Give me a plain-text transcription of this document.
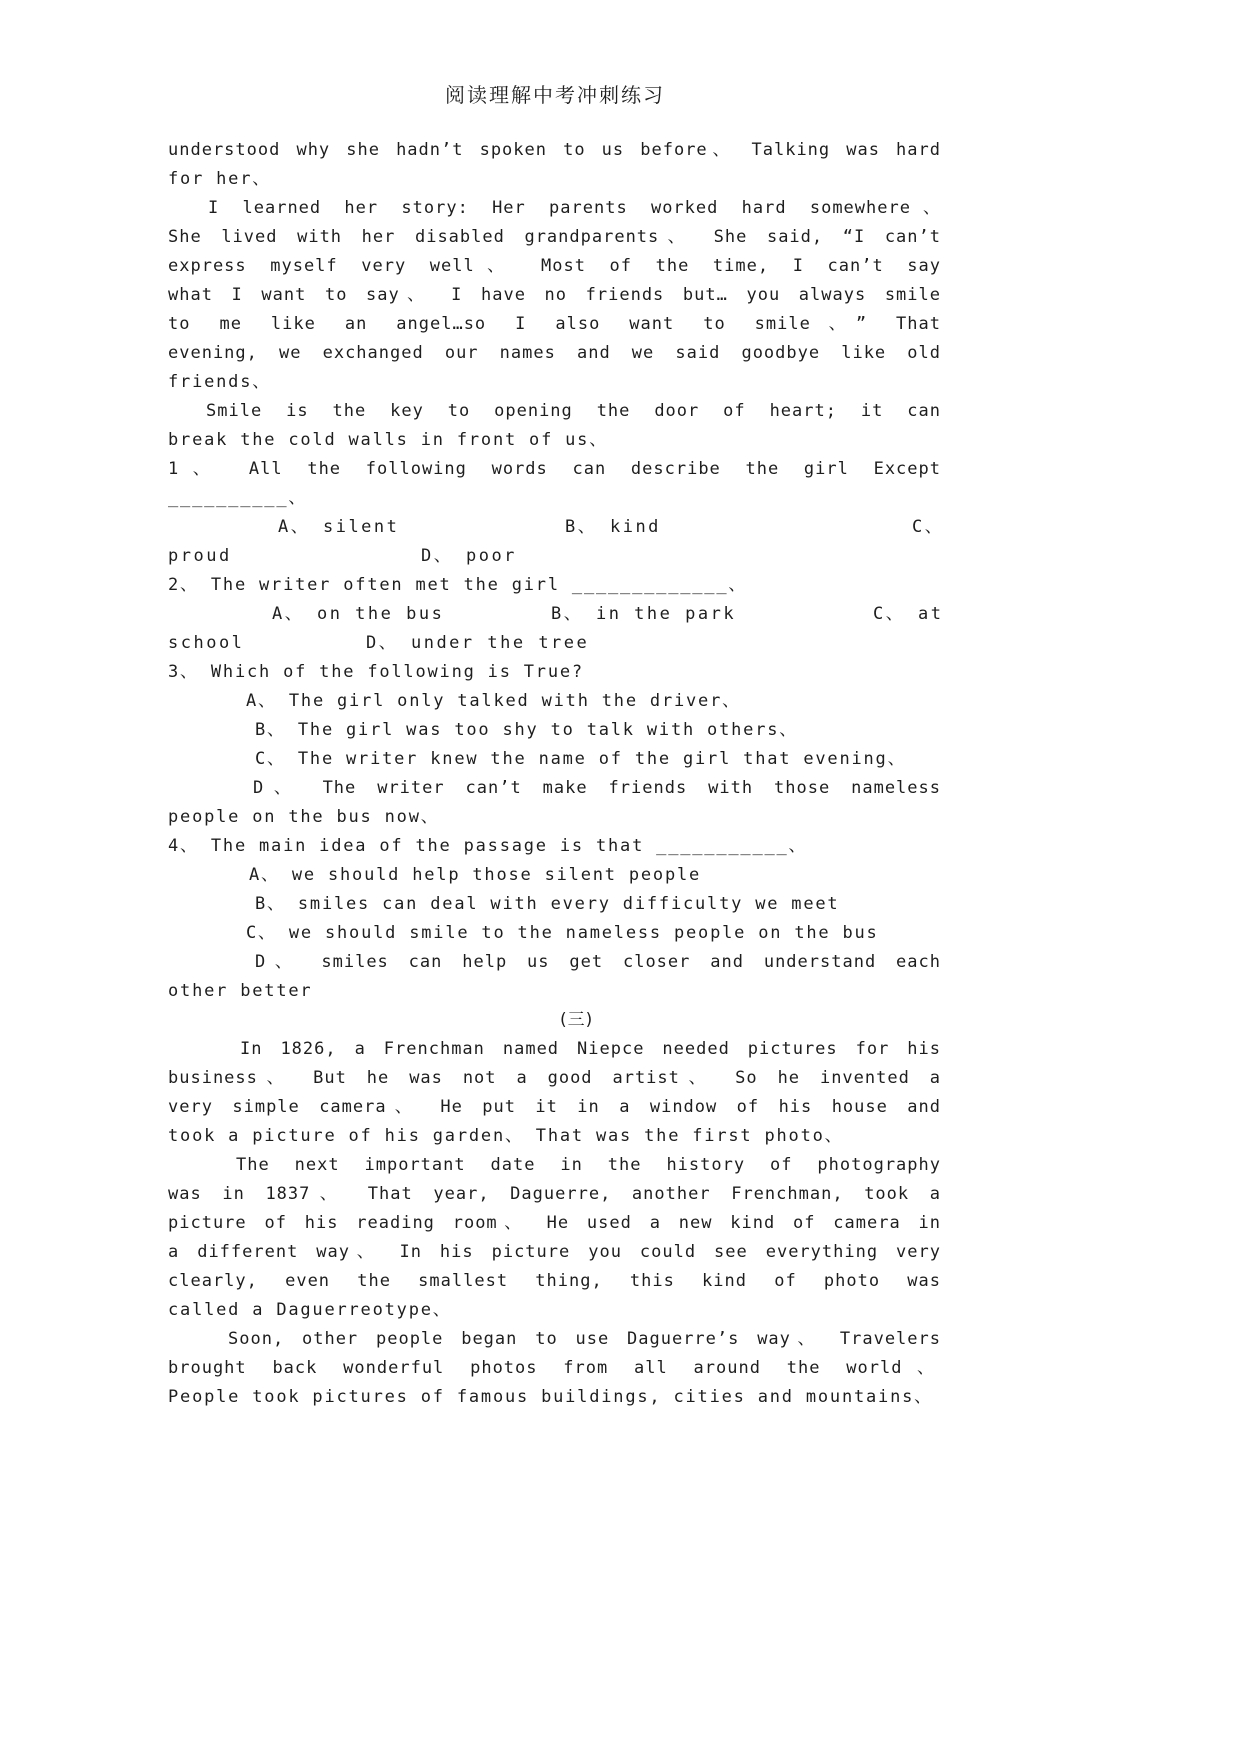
阅读理解中考冲刺练习
understood why she hadn’t spoken to us before、 Talking was hard
for her、
I learned her story: Her parents worked hard somewhere、
She lived with her disabled grandparents、 She said, “I can’t
express myself very well、 Most of the time, I can’t say
what I want to say、 I have no friends but… you always smile
to me like an angel…so I also want to smile、” That
evening, we exchanged our names and we said goodbye like old
friends、
Smile is the key to opening the door of heart; it can
break the cold walls in front of us、
1、 All the following words can describe the girl Except
__________、
A、 silent	B、 kind	C、
proud	D、 poor
2、 The writer often met the girl _____________、
A、 on the bus	B、 in the park	C、 at
school	D、 under the tree
3、 Which of the following is True?
A、 The girl only talked with the driver、
B、 The girl was too shy to talk with others、
C、 The writer knew the name of the girl that evening、
D、 The writer can’t make friends with those nameless
people on the bus now、
4、 The main idea of the passage is that ___________、
A、 we should help those silent people
B、 smiles can deal with every difficulty we meet
C、 we should smile to the nameless people on the bus
D、 smiles can help us get closer and understand each
other better
(三)
In 1826, a Frenchman named Niepce needed pictures for his
business、 But he was not a good artist、 So he invented a
very simple camera、 He put it in a window of his house and
took a picture of his garden、 That was the first photo、
The next important date in the history of photography
was in 1837、 That year, Daguerre, another Frenchman, took a
picture of his reading room、 He used a new kind of camera in
a different way、 In his picture you could see everything very
clearly, even the smallest thing, this kind of photo was
called a Daguerreotype、
Soon, other people began to use Daguerre’s way、 Travelers
brought back wonderful photos from all around the world、
People took pictures of famous buildings, cities and mountains、
